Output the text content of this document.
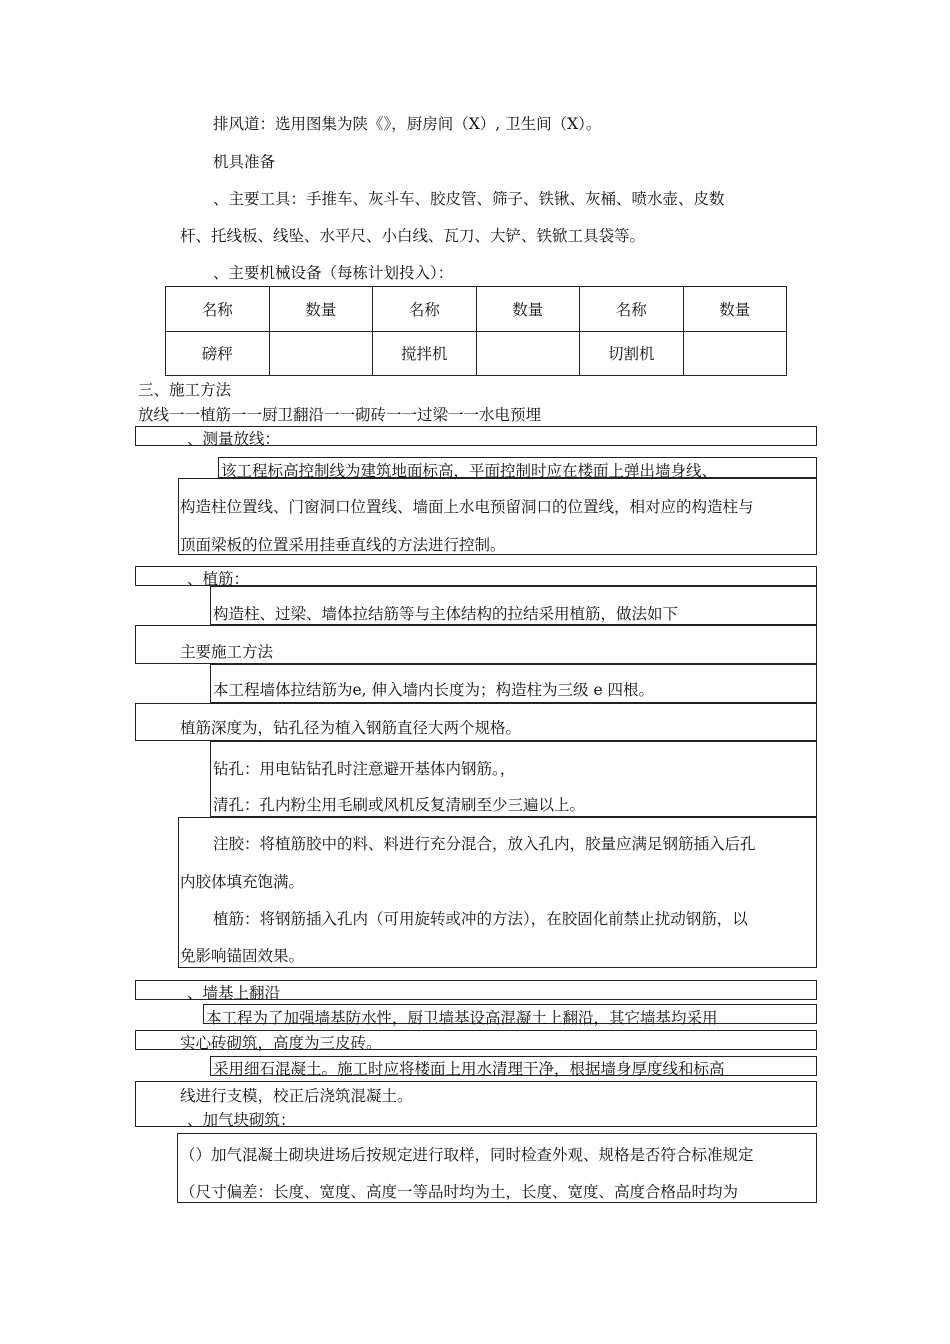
排风道：选用图集为陕《》，厨房间（X）, 卫生间（X）。
机具准备
、主要工具：手推车、灰斗车、胶皮管、筛子、铁锹、灰桶、喷水壶、皮数
杆、托线板、线坠、水平尺、小白线、瓦刀、大铲、铁锨工具袋等。
、主要机械设备（每栋计划投入）：
名称	数量	名称	数量	名称	数量
磅秤		搅拌机		切割机	
三、施工方法
放线一一植筋一一厨卫翻沿一一砌砖一一过梁一一水电预埋
、测量放线：
该工程标高控制线为建筑地面标高，平面控制时应在楼面上弹出墙身线、
构造柱位置线、门窗洞口位置线、墙面上水电预留洞口的位置线，相对应的构造柱与
顶面梁板的位置采用挂垂直线的方法进行控制。
、植筋：
构造柱、过梁、墙体拉结筋等与主体结构的拉结采用植筋，做法如下
主要施工方法
本工程墙体拉结筋为e, 伸入墙内长度为；构造柱为三级 e 四根。
植筋深度为，钻孔径为植入钢筋直径大两个规格。
钻孔：用电钻钻孔时注意避开基体内钢筋。，
清孔：孔内粉尘用毛刷或风机反复清刷至少三遍以上。
注胶：将植筋胶中的料、料进行充分混合，放入孔内，胶量应满足钢筋插入后孔
内胶体填充饱满。
植筋：将钢筋插入孔内（可用旋转或冲的方法），在胶固化前禁止扰动钢筋，以
免影响锚固效果。
、墙基上翻沿
本工程为了加强墙基防水性，厨卫墙基设高混凝土上翻沿，其它墙基均采用
实心砖砌筑，高度为三皮砖。
采用细石混凝土。施工时应将楼面上用水清理干净，根据墙身厚度线和标高
线进行支模，校正后浇筑混凝土。
、加气块砌筑：
（）加气混凝土砌块进场后按规定进行取样，同时检查外观、规格是否符合标准规定
（尺寸偏差：长度、宽度、高度一等品时均为土，长度、宽度、高度合格品时均为
